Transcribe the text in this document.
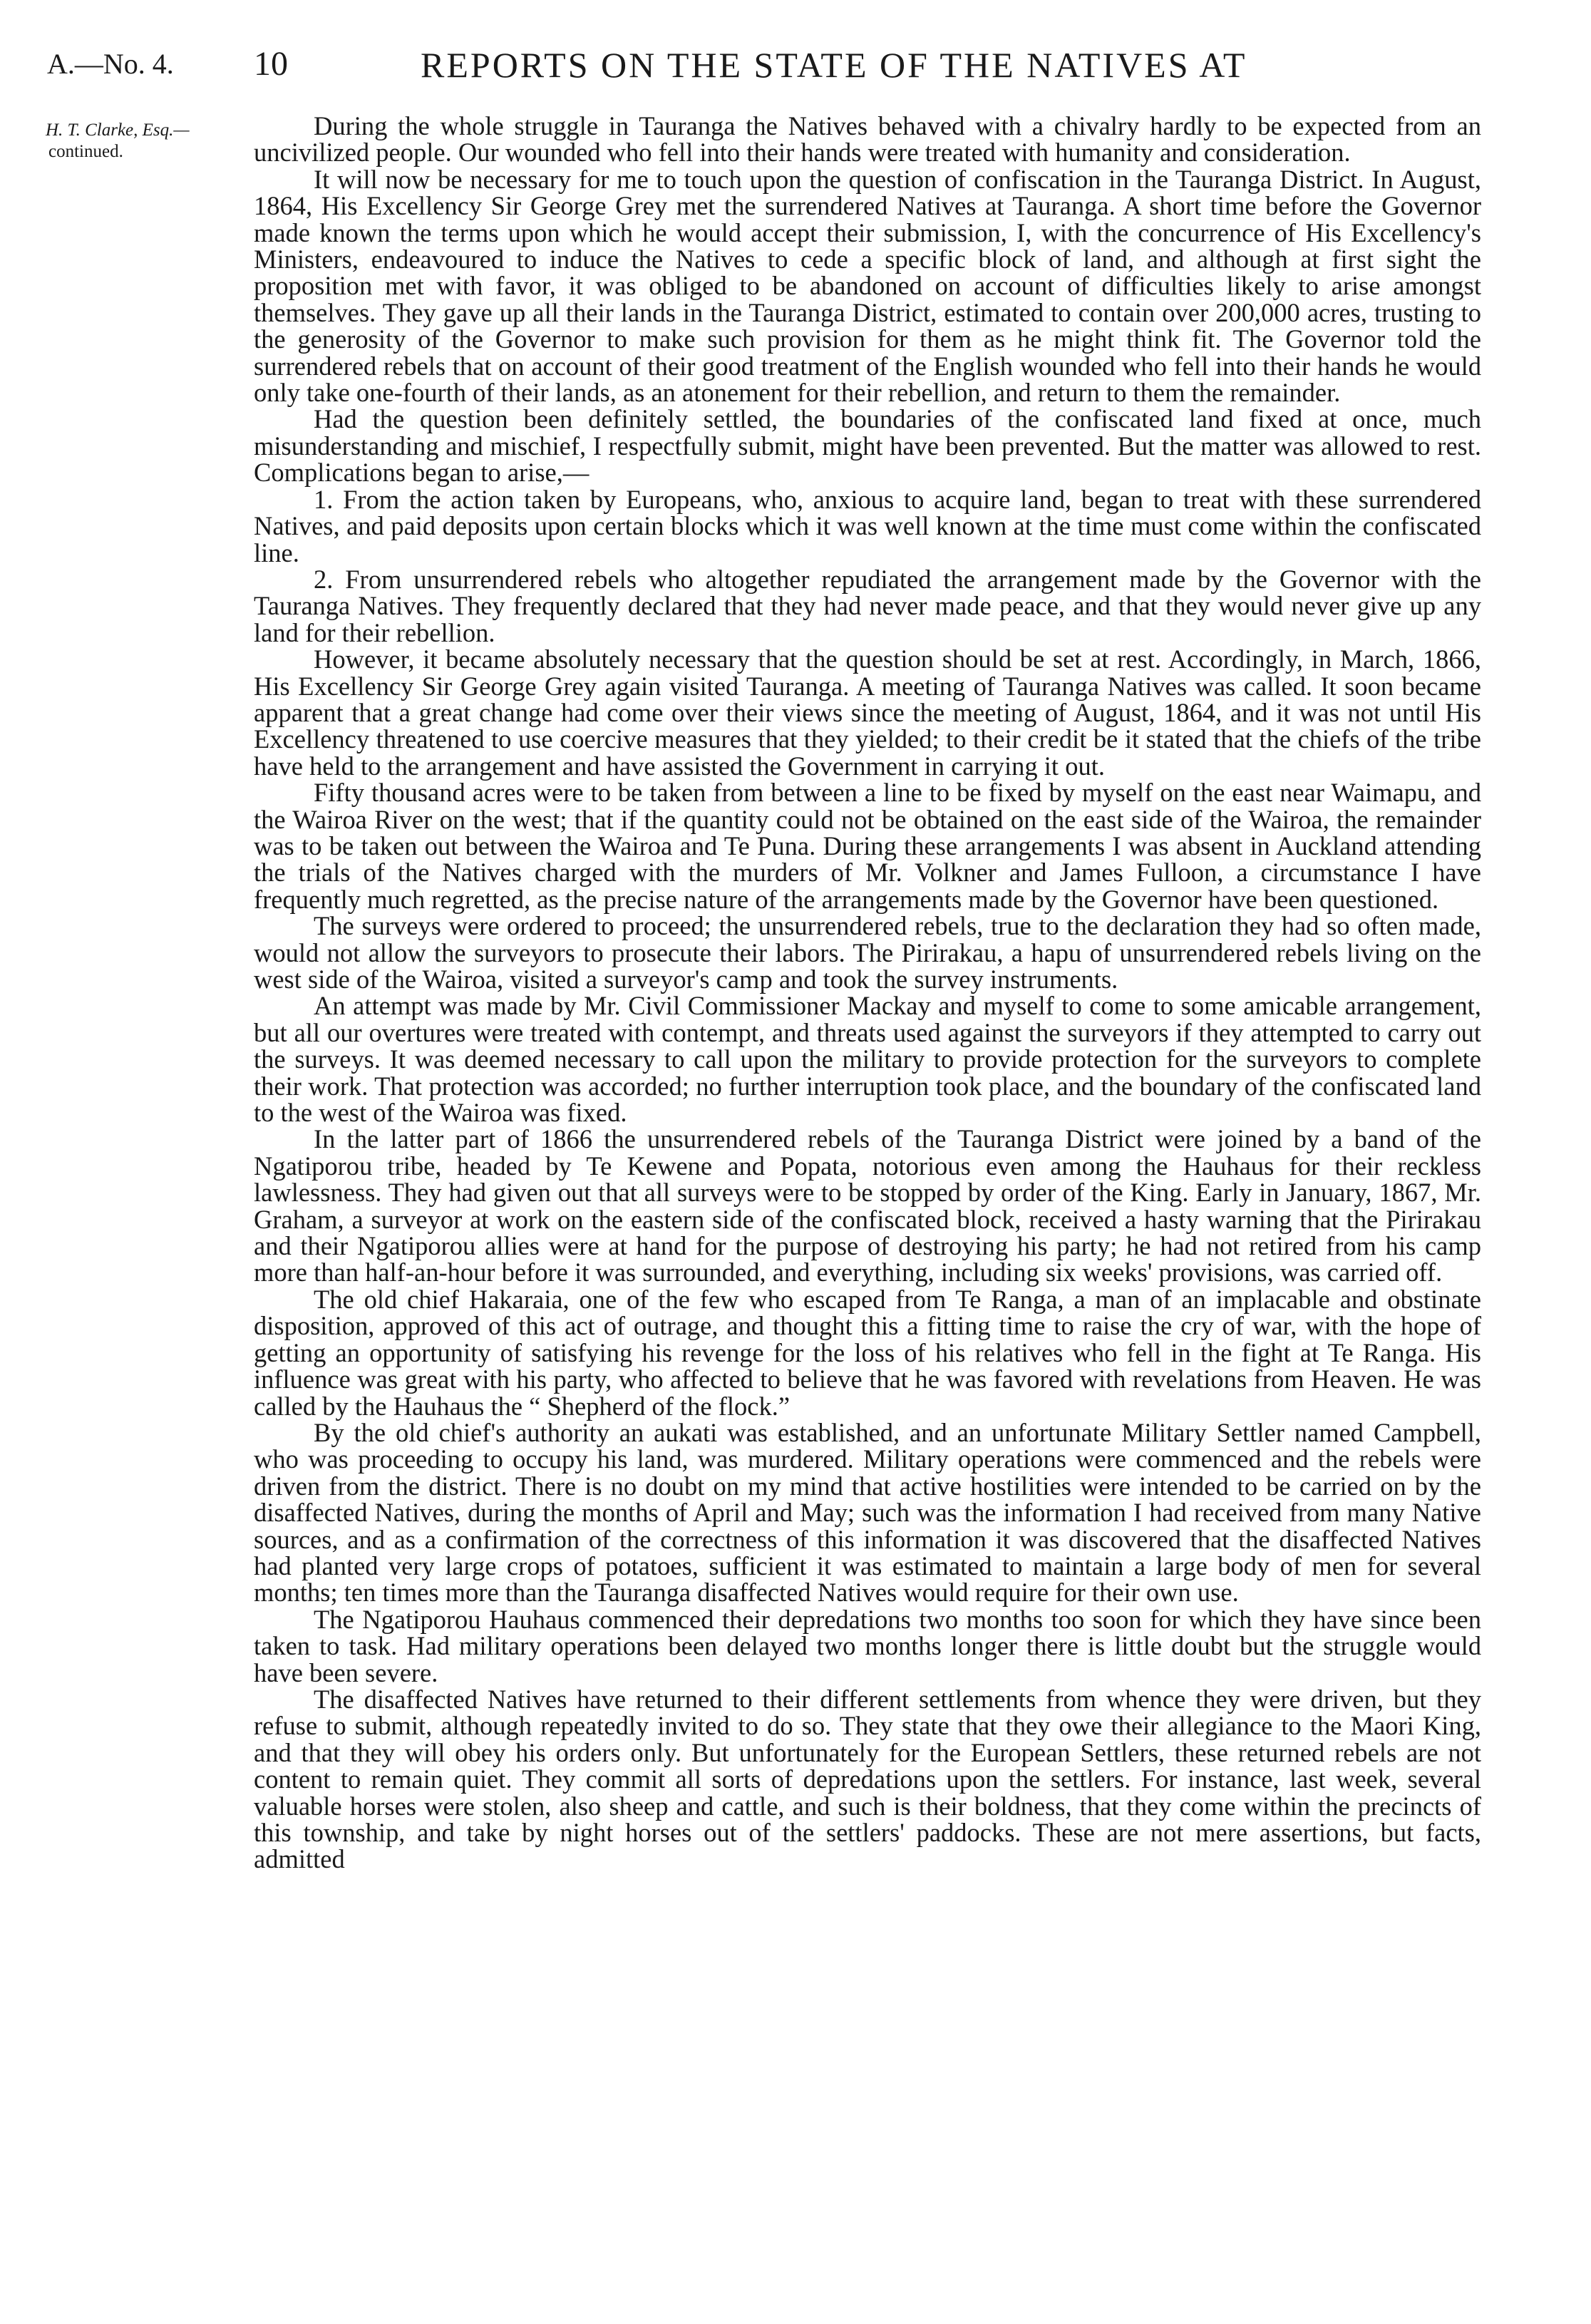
A.—No. 4. 10	REPORTS ON THE STATE OF THE NATIVES AT
H. T. Clarke, Esq.—
continued.

During the whole struggle in Tauranga the Natives behaved with a chivalry hardly to be expected from an uncivilized people. Our wounded who fell into their hands were treated with humanity and consideration.

It will now be necessary for me to touch upon the question of confiscation in the Tauranga District. In August, 1864, His Excellency Sir George Grey met the surrendered Natives at Tauranga. A short time before the Governor made known the terms upon which he would accept their submission, I, with the concurrence of His Excellency's Ministers, endeavoured to induce the Natives to cede a specific block of land, and although at first sight the proposition met with favor, it was obliged to be abandoned on account of difficulties likely to arise amongst themselves. They gave up all their lands in the Tauranga District, estimated to contain over 200,000 acres, trusting to the generosity of the Governor to make such provision for them as he might think fit. The Governor told the surrendered rebels that on account of their good treatment of the English wounded who fell into their hands he would only take one-fourth of their lands, as an atonement for their rebellion, and return to them the remainder.

Had the question been definitely settled, the boundaries of the confiscated land fixed at once, much misunderstanding and mischief, I respectfully submit, might have been prevented. But the matter was allowed to rest. Complications began to arise,—

1. From the action taken by Europeans, who, anxious to acquire land, began to treat with these surrendered Natives, and paid deposits upon certain blocks which it was well known at the time must come within the confiscated line.

2. From unsurrendered rebels who altogether repudiated the arrangement made by the Governor with the Tauranga Natives. They frequently declared that they had never made peace, and that they would never give up any land for their rebellion.

However, it became absolutely necessary that the question should be set at rest. Accordingly, in March, 1866, His Excellency Sir George Grey again visited Tauranga. A meeting of Tauranga Natives was called. It soon became apparent that a great change had come over their views since the meeting of August, 1864, and it was not until His Excellency threatened to use coercive measures that they yielded; to their credit be it stated that the chiefs of the tribe have held to the arrangement and have assisted the Government in carrying it out.

Fifty thousand acres were to be taken from between a line to be fixed by myself on the east near Waimapu, and the Wairoa River on the west; that if the quantity could not be obtained on the east side of the Wairoa, the remainder was to be taken out between the Wairoa and Te Puna. During these arrangements I was absent in Auckland attending the trials of the Natives charged with the murders of Mr. Volkner and James Fulloon, a circumstance I have frequently much regretted, as the precise nature of the arrangements made by the Governor have been questioned.

The surveys were ordered to proceed; the unsurrendered rebels, true to the declaration they had so often made, would not allow the surveyors to prosecute their labors. The Pirirakau, a hapu of unsurrendered rebels living on the west side of the Wairoa, visited a surveyor's camp and took the survey instruments.

An attempt was made by Mr. Civil Commissioner Mackay and myself to come to some amicable arrangement, but all our overtures were treated with contempt, and threats used against the surveyors if they attempted to carry out the surveys. It was deemed necessary to call upon the military to provide protection for the surveyors to complete their work. That protection was accorded; no further interruption took place, and the boundary of the confiscated land to the west of the Wairoa was fixed.

In the latter part of 1866 the unsurrendered rebels of the Tauranga District were joined by a band of the Ngatiporou tribe, headed by Te Kewene and Popata, notorious even among the Hauhaus for their reckless lawlessness. They had given out that all surveys were to be stopped by order of the King. Early in January, 1867, Mr. Graham, a surveyor at work on the eastern side of the confiscated block, received a hasty warning that the Pirirakau and their Ngatiporou allies were at hand for the purpose of destroying his party; he had not retired from his camp more than half-an-hour before it was surrounded, and everything, including six weeks' provisions, was carried off.

The old chief Hakaraia, one of the few who escaped from Te Ranga, a man of an implacable and obstinate disposition, approved of this act of outrage, and thought this a fitting time to raise the cry of war, with the hope of getting an opportunity of satisfying his revenge for the loss of his relatives who fell in the fight at Te Ranga. His influence was great with his party, who affected to believe that he was favored with revelations from Heaven. He was called by the Hauhaus the “ Shepherd of the flock.”

By the old chief's authority an aukati was established, and an unfortunate Military Settler named Campbell, who was proceeding to occupy his land, was murdered. Military operations were commenced and the rebels were driven from the district. There is no doubt on my mind that active hostilities were intended to be carried on by the disaffected Natives, during the months of April and May; such was the information I had received from many Native sources, and as a confirmation of the correctness of this information it was discovered that the disaffected Natives had planted very large crops of potatoes, sufficient it was estimated to maintain a large body of men for several months; ten times more than the Tauranga disaffected Natives would require for their own use.

The Ngatiporou Hauhaus commenced their depredations two months too soon for which they have since been taken to task. Had military operations been delayed two months longer there is little doubt but the struggle would have been severe.

The disaffected Natives have returned to their different settlements from whence they were driven, but they refuse to submit, although repeatedly invited to do so. They state that they owe their allegiance to the Maori King, and that they will obey his orders only. But unfortunately for the European Settlers, these returned rebels are not content to remain quiet. They commit all sorts of depredations upon the settlers. For instance, last week, several valuable horses were stolen, also sheep and cattle, and such is their boldness, that they come within the precincts of this township, and take by night horses out of the settlers' paddocks. These are not mere assertions, but facts, admitted
